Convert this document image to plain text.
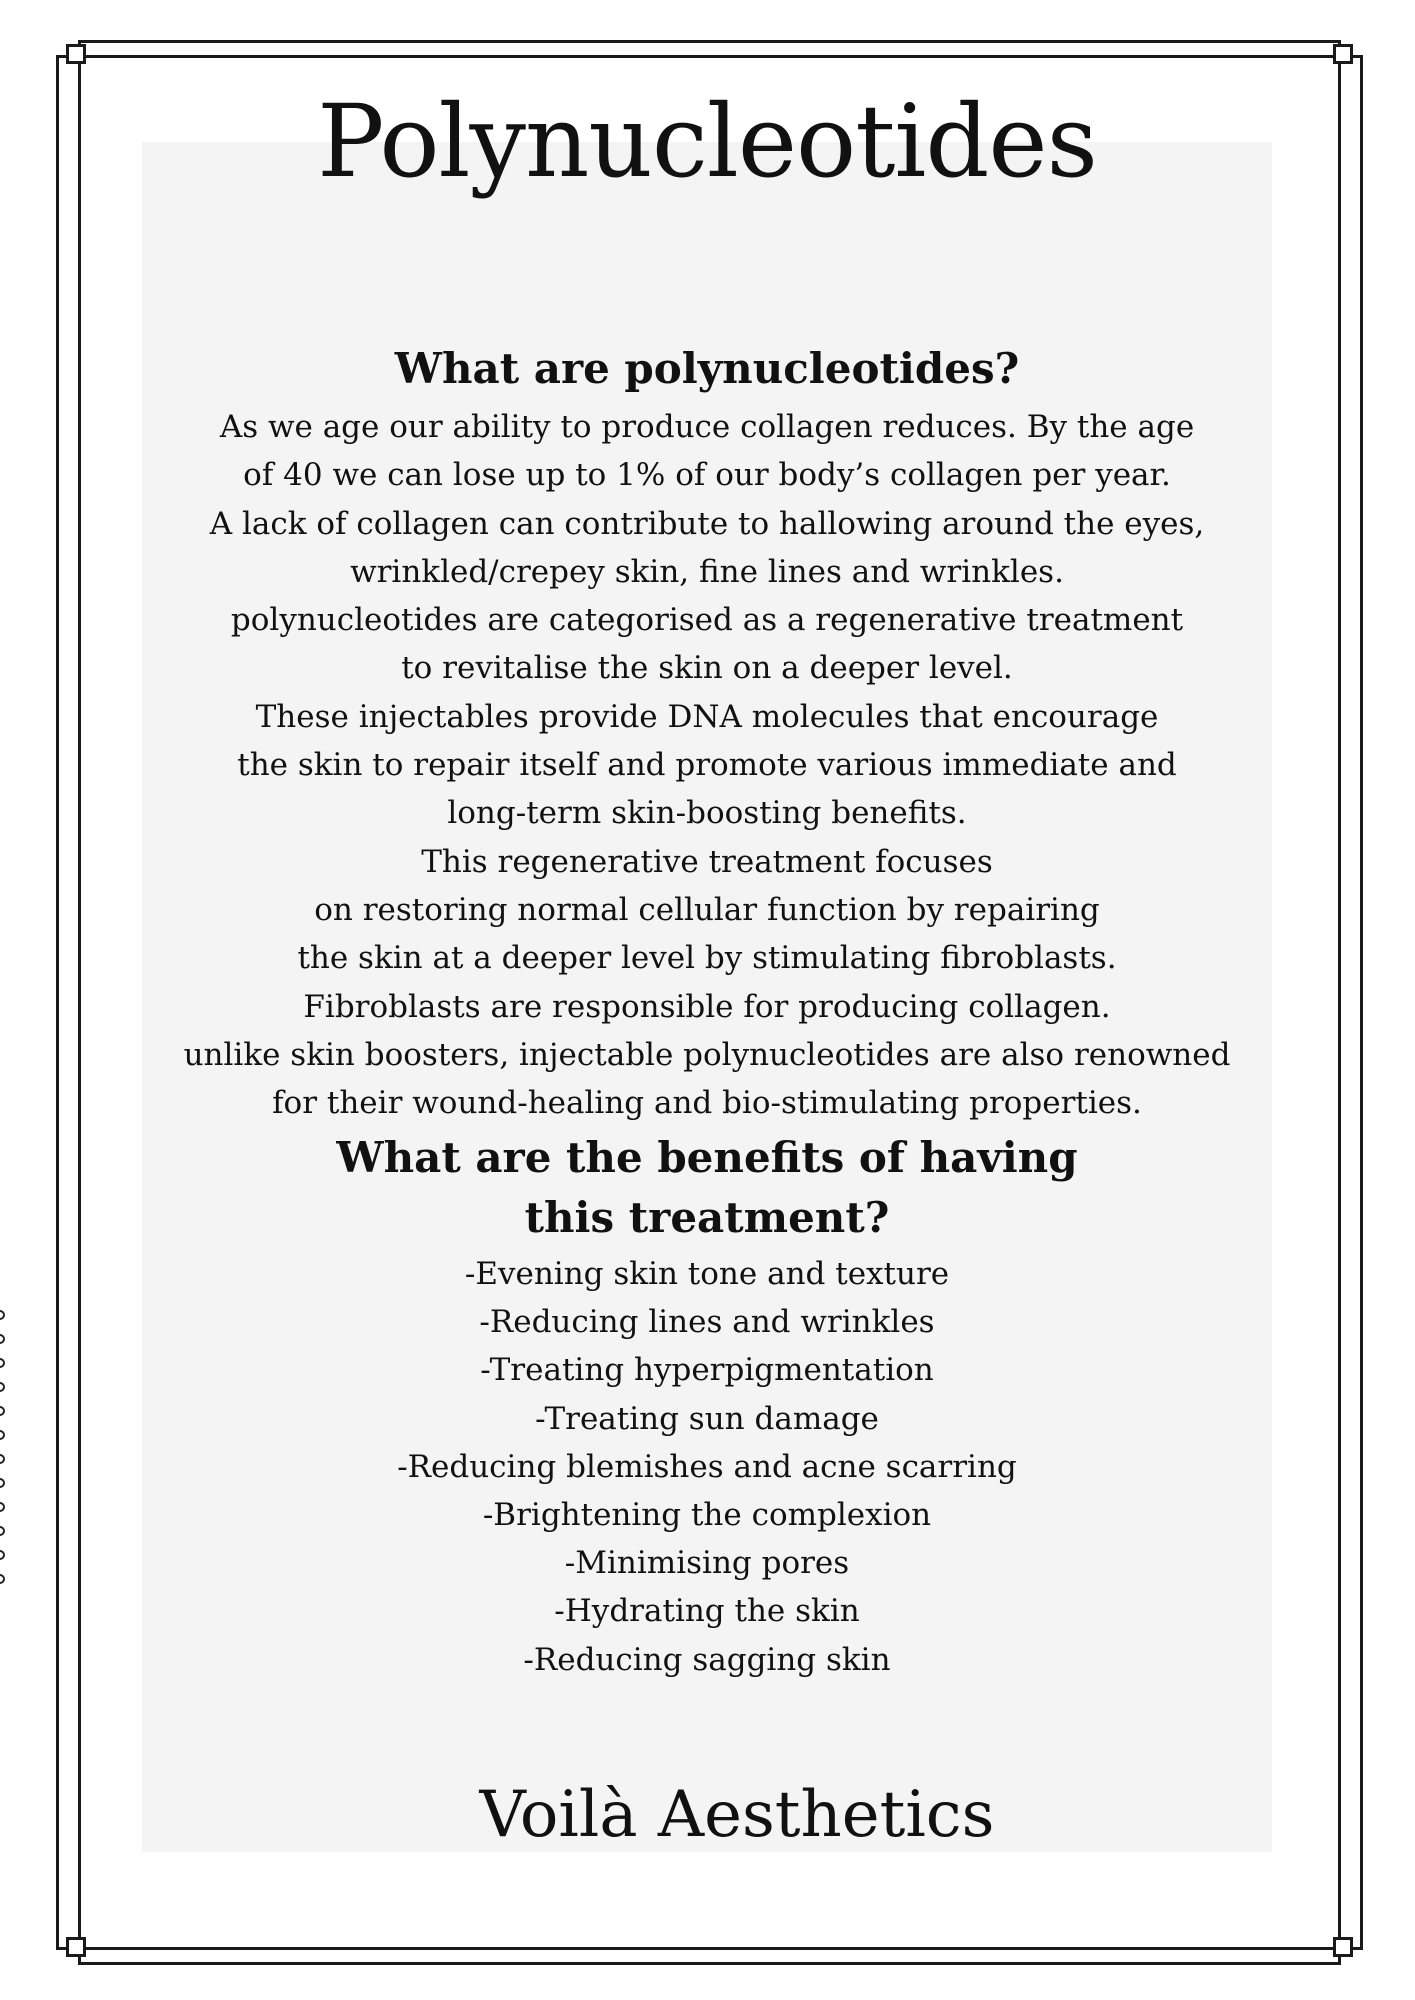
Polynucleotides
What are polynucleotides?
As we age our ability to produce collagen reduces. By the age
of 40 we can lose up to 1% of our body’s collagen per year.
A lack of collagen can contribute to hallowing around the eyes,
wrinkled/crepey skin, fine lines and wrinkles.
polynucleotides are categorised as a regenerative treatment
to revitalise the skin on a deeper level.
These injectables provide DNA molecules that encourage
the skin to repair itself and promote various immediate and
long-term skin-boosting benefits.
This regenerative treatment focuses
on restoring normal cellular function by repairing
the skin at a deeper level by stimulating fibroblasts.
Fibroblasts are responsible for producing collagen.
unlike skin boosters, injectable polynucleotides are also renowned
for their wound-healing and bio-stimulating properties.
What are the benefits of having
this treatment?
-Evening skin tone and texture
-Reducing lines and wrinkles
-Treating hyperpigmentation
-Treating sun damage
-Reducing blemishes and acne scarring
-Brightening the complexion
-Minimising pores
-Hydrating the skin
-Reducing sagging skin
Voilà Aesthetics
